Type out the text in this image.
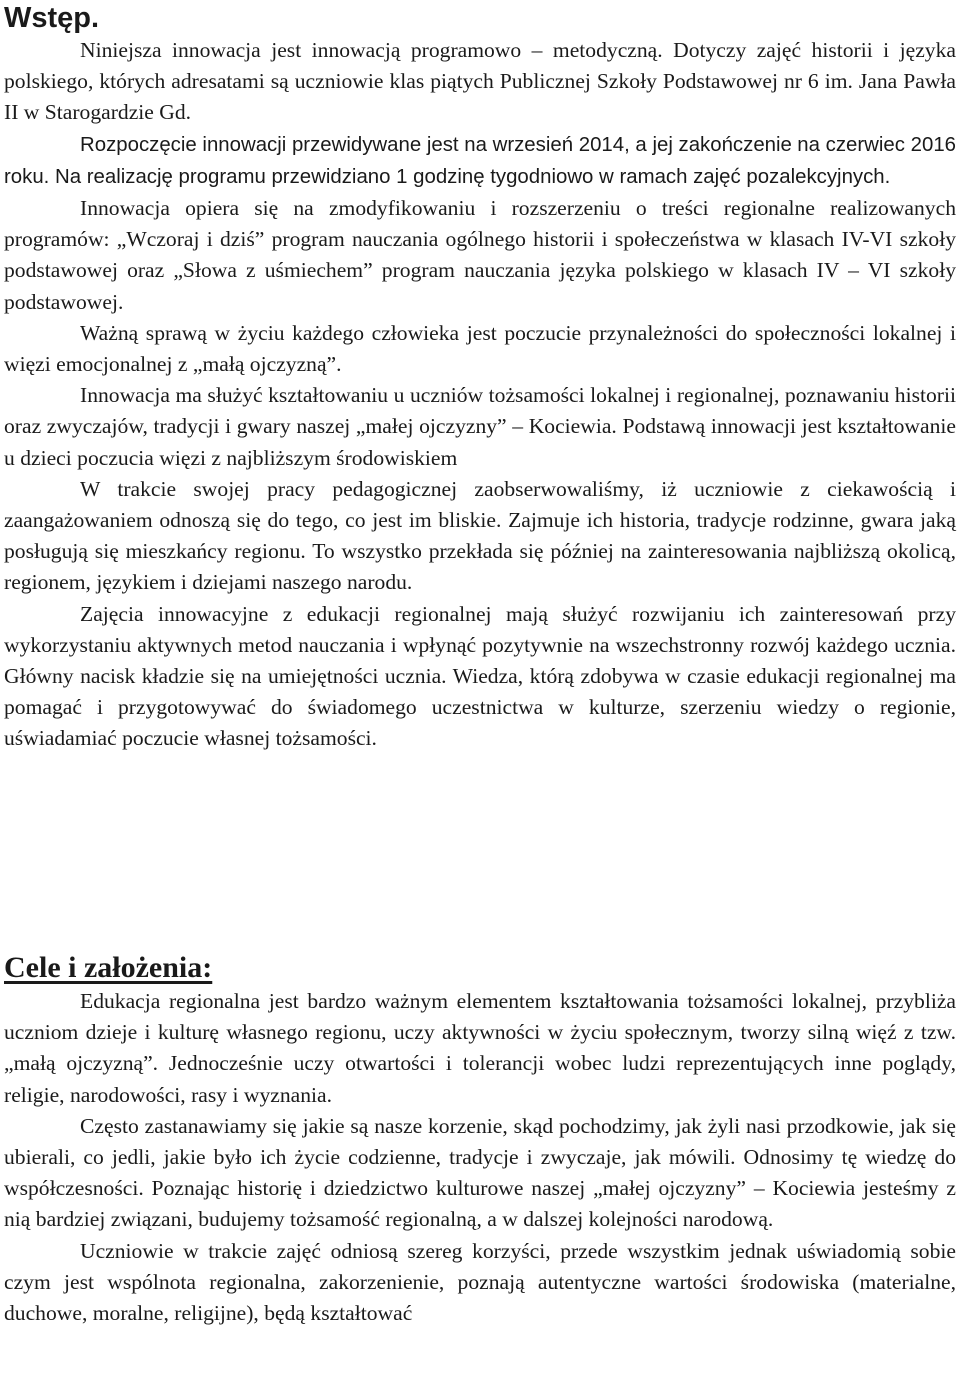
Wstęp.

Niniejsza innowacja jest innowacją programowo – metodyczną. Dotyczy zajęć historii i języka polskiego, których adresatami są uczniowie klas piątych Publicznej Szkoły Podstawowej nr 6 im. Jana Pawła II w Starogardzie Gd.

Rozpoczęcie innowacji przewidywane jest na wrzesień 2014, a jej zakończenie na czerwiec 2016 roku. Na realizację programu przewidziano 1 godzinę tygodniowo w ramach zajęć pozalekcyjnych.

Innowacja opiera się na zmodyfikowaniu i rozszerzeniu o treści regionalne realizowanych programów: „Wczoraj i dziś” program nauczania ogólnego historii i społeczeństwa w klasach IV-VI szkoły podstawowej oraz „Słowa z uśmiechem” program nauczania języka polskiego w klasach IV – VI szkoły podstawowej.

Ważną sprawą w życiu każdego człowieka jest poczucie przynależności do społeczności lokalnej i więzi emocjonalnej z „małą ojczyzną”.

Innowacja ma służyć kształtowaniu u uczniów tożsamości lokalnej i regionalnej, poznawaniu historii oraz zwyczajów, tradycji i gwary naszej „małej ojczyzny” – Kociewia. Podstawą innowacji jest kształtowanie u dzieci poczucia więzi z najbliższym środowiskiem

W trakcie swojej pracy pedagogicznej zaobserwowaliśmy, iż uczniowie z ciekawością i zaangażowaniem odnoszą się do tego, co jest im bliskie. Zajmuje ich historia, tradycje rodzinne, gwara jaką posługują się mieszkańcy regionu. To wszystko przekłada się później na zainteresowania najbliższą okolicą, regionem, językiem i dziejami naszego narodu.

Zajęcia innowacyjne z edukacji regionalnej mają służyć rozwijaniu ich zainteresowań przy wykorzystaniu aktywnych metod nauczania i wpłynąć pozytywnie na wszechstronny rozwój każdego ucznia. Główny nacisk kładzie się na umiejętności ucznia. Wiedza, którą zdobywa w czasie edukacji regionalnej ma pomagać i przygotowywać do świadomego uczestnictwa w kulturze, szerzeniu wiedzy o regionie, uświadamiać poczucie własnej tożsamości.

Cele i założenia:

Edukacja regionalna jest bardzo ważnym elementem kształtowania tożsamości lokalnej, przybliża uczniom dzieje i kulturę własnego regionu, uczy aktywności w życiu społecznym, tworzy silną więź z tzw. „małą ojczyzną”. Jednocześnie uczy otwartości i tolerancji wobec ludzi reprezentujących inne poglądy, religie, narodowości, rasy i wyznania.

Często zastanawiamy się jakie są nasze korzenie, skąd pochodzimy, jak żyli nasi przodkowie, jak się ubierali, co jedli, jakie było ich życie codzienne, tradycje i zwyczaje, jak mówili. Odnosimy tę wiedzę do współczesności. Poznając historię i dziedzictwo kulturowe naszej „małej ojczyzny” – Kociewia jesteśmy z nią bardziej związani, budujemy tożsamość regionalną, a w dalszej kolejności narodową.

Uczniowie w trakcie zajęć odniosą szereg korzyści, przede wszystkim jednak uświadomią sobie czym jest wspólnota regionalna, zakorzenienie, poznają autentyczne wartości środowiska (materialne, duchowe, moralne, religijne), będą kształtować
